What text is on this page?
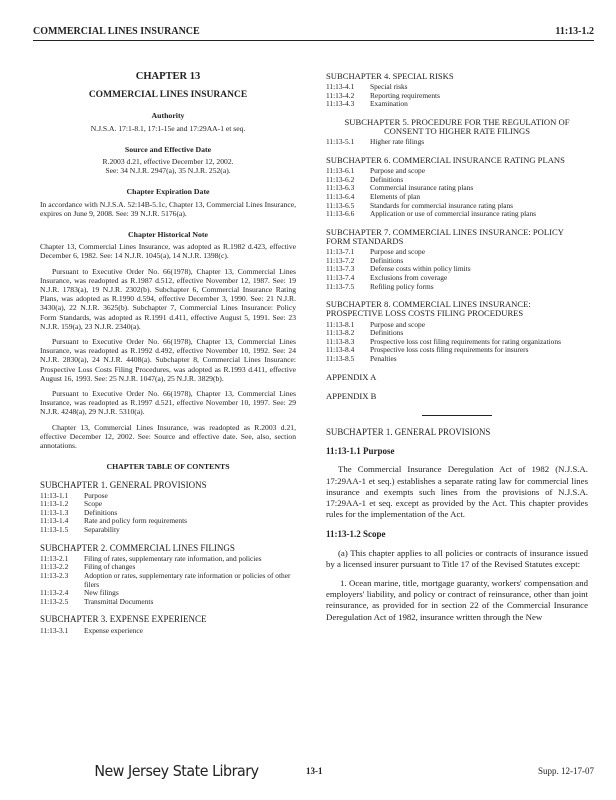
COMMERCIAL LINES INSURANCE	11:13-1.2
CHAPTER 13
COMMERCIAL LINES INSURANCE
Authority
N.J.S.A. 17:1-8.1, 17:1-15e and 17:29AA-1 et seq.
Source and Effective Date
R.2003 d.21, effective December 12, 2002.
See: 34 N.J.R. 2947(a), 35 N.J.R. 252(a).
Chapter Expiration Date

In accordance with N.J.S.A. 52:14B-5.1c, Chapter 13, Commercial Lines Insurance, expires on June 9, 2008. See: 39 N.J.R. 5176(a).

Chapter Historical Note

Chapter 13, Commercial Lines Insurance, was adopted as R.1982 d.423, effective December 6, 1982. See: 14 N.J.R. 1045(a), 14 N.J.R. 1398(c).

Pursuant to Executive Order No. 66(1978), Chapter 13, Commercial Lines Insurance, was readopted as R.1987 d.512, effective November 12, 1987. See: 19 N.J.R. 1783(a), 19 N.J.R. 2302(b). Subchapter 6, Commercial Insurance Rating Plans, was adopted as R.1990 d.594, effective December 3, 1990. See: 21 N.J.R. 3430(a), 22 N.J.R. 3625(b). Subchapter 7, Commercial Lines Insurance: Policy Form Standards, was adopted as R.1991 d.411, effective August 5, 1991. See: 23 N.J.R. 159(a), 23 N.J.R. 2340(a).

Pursuant to Executive Order No. 66(1978), Chapter 13, Commercial Lines Insurance, was readopted as R.1992 d.492, effective November 10, 1992. See: 24 N.J.R. 2830(a), 24 N.J.R. 4408(a). Subchapter 8, Commercial Lines Insurance: Prospective Loss Costs Filing Procedures, was adopted as R.1993 d.411, effective August 16, 1993. See: 25 N.J.R. 1047(a), 25 N.J.R. 3829(b).

Pursuant to Executive Order No. 66(1978), Chapter 13, Commercial Lines Insurance, was readopted as R.1997 d.521, effective November 10, 1997. See: 29 N.J.R. 4248(a), 29 N.J.R. 5310(a).

Chapter 13, Commercial Lines Insurance, was readopted as R.2003 d.21, effective December 12, 2002. See: Source and effective date. See, also, section annotations.

CHAPTER TABLE OF CONTENTS
SUBCHAPTER 1. GENERAL PROVISIONS
11:13-1.1	Purpose
11:13-1.2	Scope
11:13-1.3	Definitions
11:13-1.4	Rate and policy form requirements
11:13-1.5	Separability
SUBCHAPTER 2. COMMERCIAL LINES FILINGS
11:13-2.1	Filing of rates, supplementary rate information, and policies
11:13-2.2	Filing of changes
11:13-2.3	Adoption or rates, supplementary rate information or policies of other filers
11:13-2.4	New filings
11:13-2.5	Transmittal Documents
SUBCHAPTER 3. EXPENSE EXPERIENCE
11:13-3.1	Expense experience
SUBCHAPTER 4. SPECIAL RISKS
11:13-4.1	Special risks
11:13-4.2	Reporting requirements
11:13-4.3	Examination
SUBCHAPTER 5. PROCEDURE FOR THE REGULATION OF CONSENT TO HIGHER RATE FILINGS
11:13-5.1	Higher rate filings
SUBCHAPTER 6. COMMERCIAL INSURANCE RATING PLANS
11:13-6.1	Purpose and scope
11:13-6.2	Definitions
11:13-6.3	Commercial insurance rating plans
11:13-6.4	Elements of plan
11:13-6.5	Standards for commercial insurance rating plans
11:13-6.6	Application or use of commercial insurance rating plans
SUBCHAPTER 7. COMMERCIAL LINES INSURANCE: POLICY FORM STANDARDS
11:13-7.1	Purpose and scope
11:13-7.2	Definitions
11:13-7.3	Defense costs within policy limits
11:13-7.4	Exclusions from coverage
11:13-7.5	Refiling policy forms
SUBCHAPTER 8. COMMERCIAL LINES INSURANCE: PROSPECTIVE LOSS COSTS FILING PROCEDURES
11:13-8.1	Purpose and scope
11:13-8.2	Definitions
11:13-8.3	Prospective loss cost filing requirements for rating organizations
11:13-8.4	Prospective loss costs filing requirements for insurers
11:13-8.5	Penalties
APPENDIX A
APPENDIX B
SUBCHAPTER 1. GENERAL PROVISIONS
11:13-1.1 Purpose

The Commercial Insurance Deregulation Act of 1982 (N.J.S.A. 17:29AA-1 et seq.) establishes a separate rating law for commercial lines insurance and exempts such lines from the provisions of N.J.S.A. 17:29AA-1 et seq. except as provided by the Act. This chapter provides rules for the implementation of the Act.

11:13-1.2 Scope

(a) This chapter applies to all policies or contracts of insurance issued by a licensed insurer pursuant to Title 17 of the Revised Statutes except:

1. Ocean marine, title, mortgage guaranty, workers' compensation and employers' liability, and policy or contract of reinsurance, other than joint reinsurance, as provided for in section 22 of the Commercial Insurance Deregulation Act of 1982, insurance written through the New

New Jersey State Library	13-1	Supp. 12-17-07
